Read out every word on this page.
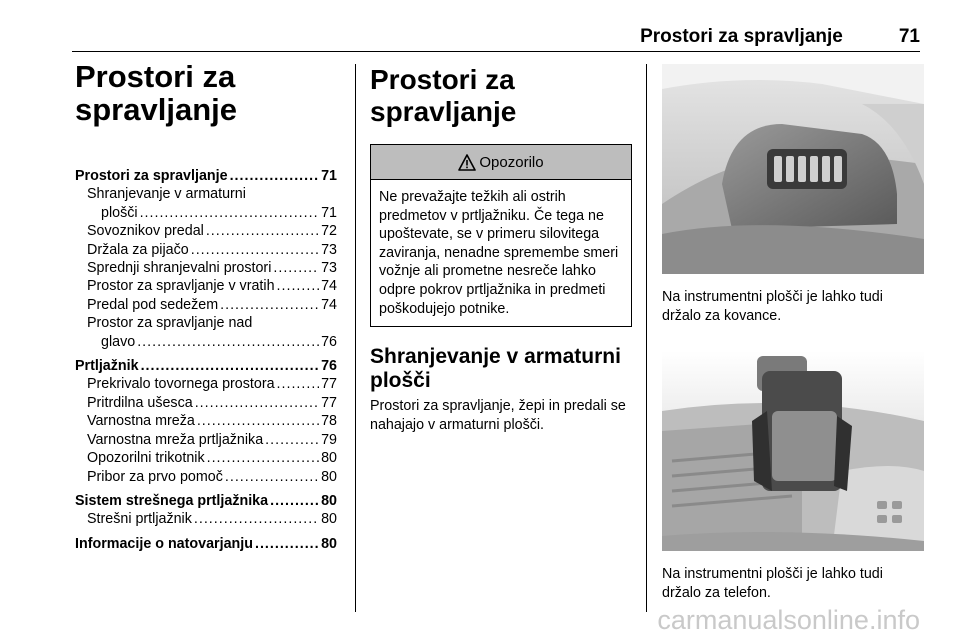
Prostori za spravljanje	71
Prostori za spravljanje
Prostori za spravljanje .....	71
Shranjevanje v armaturni
plošči .....	71
Sovoznikov predal .....	72
Držala za pijačo .....	73
Sprednji shranjevalni prostori .....	73
Prostor za spravljanje v vratih .....	74
Predal pod sedežem .....	74
Prostor za spravljanje nad
glavo .....	76
Prtljažnik .....	76
Prekrivalo tovornega prostora .....	77
Pritrdilna ušesca .....	77
Varnostna mreža .....	78
Varnostna mreža prtljažnika .....	79
Opozorilni trikotnik .....	80
Pribor za prvo pomoč .....	80
Sistem strešnega prtljažnika .....	80
Strešni prtljažnik .....	80
Informacije o natovarjanju .....	80
Prostori za spravljanje
Opozorilo
Ne prevažajte težkih ali ostrih predmetov v prtljažniku. Če tega ne upoštevate, se v primeru silovitega zaviranja, nenadne spremembe smeri vožnje ali prometne nesreče lahko odpre pokrov prtljažnika in predmeti poškodujejo potnike.
Shranjevanje v armaturni plošči

Prostori za spravljanje, žepi in predali se nahajajo v armaturni plošči.

Na instrumentni plošči je lahko tudi držalo za kovance.

Na instrumentni plošči je lahko tudi držalo za telefon.

carmanualsonline.info
